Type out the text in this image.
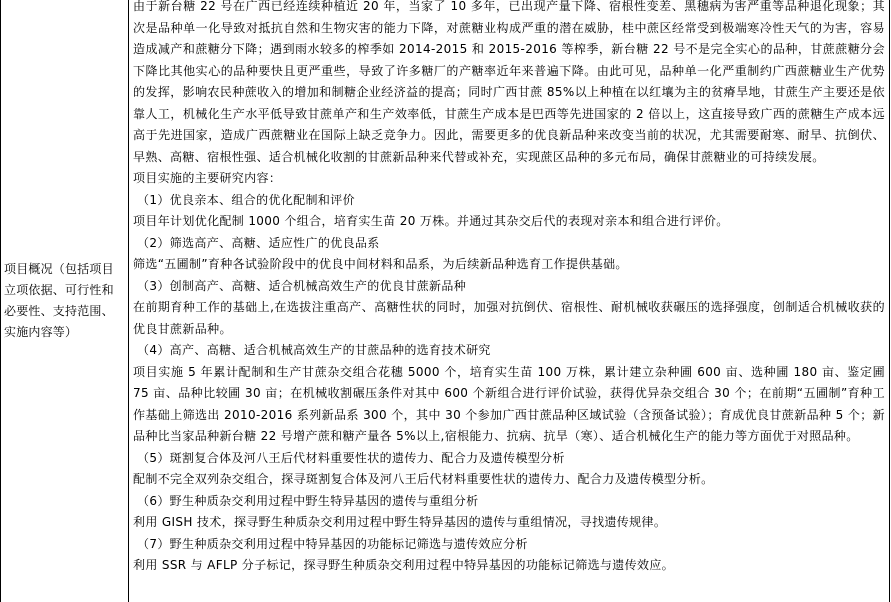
项目概况（包括项目立项依据、可行性和必要性、支持范围、实施内容等）

由于新台糖 22 号在广西已经连续种植近 20 年，当家了 10 多年，已出现产量下降、宿根性变差、黑穗病为害严重等品种退化现象；其次是品种单一化导致对抵抗自然和生物灾害的能力下降，对蔗糖业构成严重的潜在威胁，桂中蔗区经常受到极端寒冷性天气的为害，容易造成减产和蔗糖分下降；遇到雨水较多的榨季如 2014-2015 和 2015-2016 等榨季，新台糖 22 号不是完全实心的品种，甘蔗蔗糖分会下降比其他实心的品种要快且更严重些，导致了许多糖厂的产糖率近年来普遍下降。由此可见，品种单一化严重制约广西蔗糖业生产优势的发挥，影响农民种蔗收入的增加和制糖企业经济益的提高；同时广西甘蔗 85%以上种植在以红壤为主的贫瘠旱地，甘蔗生产主要还是依靠人工，机械化生产水平低导致甘蔗单产和生产效率低，甘蔗生产成本是巴西等先进国家的 2 倍以上，这直接导致广西的蔗糖生产成本远高于先进国家，造成广西蔗糖业在国际上缺乏竞争力。因此，需要更多的优良新品种来改变当前的状况，尤其需要耐寒、耐旱、抗倒伏、早熟、高糖、宿根性强、适合机械化收割的甘蔗新品种来代替或补充，实现蔗区品种的多元布局，确保甘蔗糖业的可持续发展。

项目实施的主要研究内容：

（1）优良亲本、组合的优化配制和评价

项目年计划优化配制 1000 个组合，培育实生苗 20 万株。并通过其杂交后代的表现对亲本和组合进行评价。

（2）筛选高产、高糖、适应性广的优良品系

筛选“五圃制”育种各试验阶段中的优良中间材料和品系，为后续新品种选育工作提供基础。

（3）创制高产、高糖、适合机械高效生产的优良甘蔗新品种

在前期育种工作的基础上,在选拔注重高产、高糖性状的同时，加强对抗倒伏、宿根性、耐机械收获碾压的选择强度，创制适合机械收获的优良甘蔗新品种。

（4）高产、高糖、适合机械高效生产的甘蔗品种的选育技术研究

项目实施 5 年累计配制和生产甘蔗杂交组合花穗 5000 个，培育实生苗 100 万株，累计建立杂种圃 600 亩、选种圃 180 亩、鉴定圃 75 亩、品种比较圃 30 亩；在机械收割碾压条件对其中 600 个新组合进行评价试验，获得优异杂交组合 30 个；在前期“五圃制”育种工作基础上筛选出 2010-2016 系列新品系 300 个，其中 30 个参加广西甘蔗品种区域试验（含预备试验）；育成优良甘蔗新品种 5 个；新品种比当家品种新台糖 22 号增产蔗和糖产量各 5%以上,宿根能力、抗病、抗旱（寒）、适合机械化生产的能力等方面优于对照品种。

（5）斑割复合体及河八王后代材料重要性状的遗传力、配合力及遗传模型分析

配制不完全双列杂交组合，探寻斑割复合体及河八王后代材料重要性状的遗传力、配合力及遗传模型分析。

（6）野生种质杂交利用过程中野生特异基因的遗传与重组分析

利用 GISH 技术，探寻野生种质杂交利用过程中野生特异基因的遗传与重组情况，寻找遗传规律。

（7）野生种质杂交利用过程中特异基因的功能标记筛选与遗传效应分析

利用 SSR 与 AFLP 分子标记，探寻野生种质杂交利用过程中特异基因的功能标记筛选与遗传效应。
